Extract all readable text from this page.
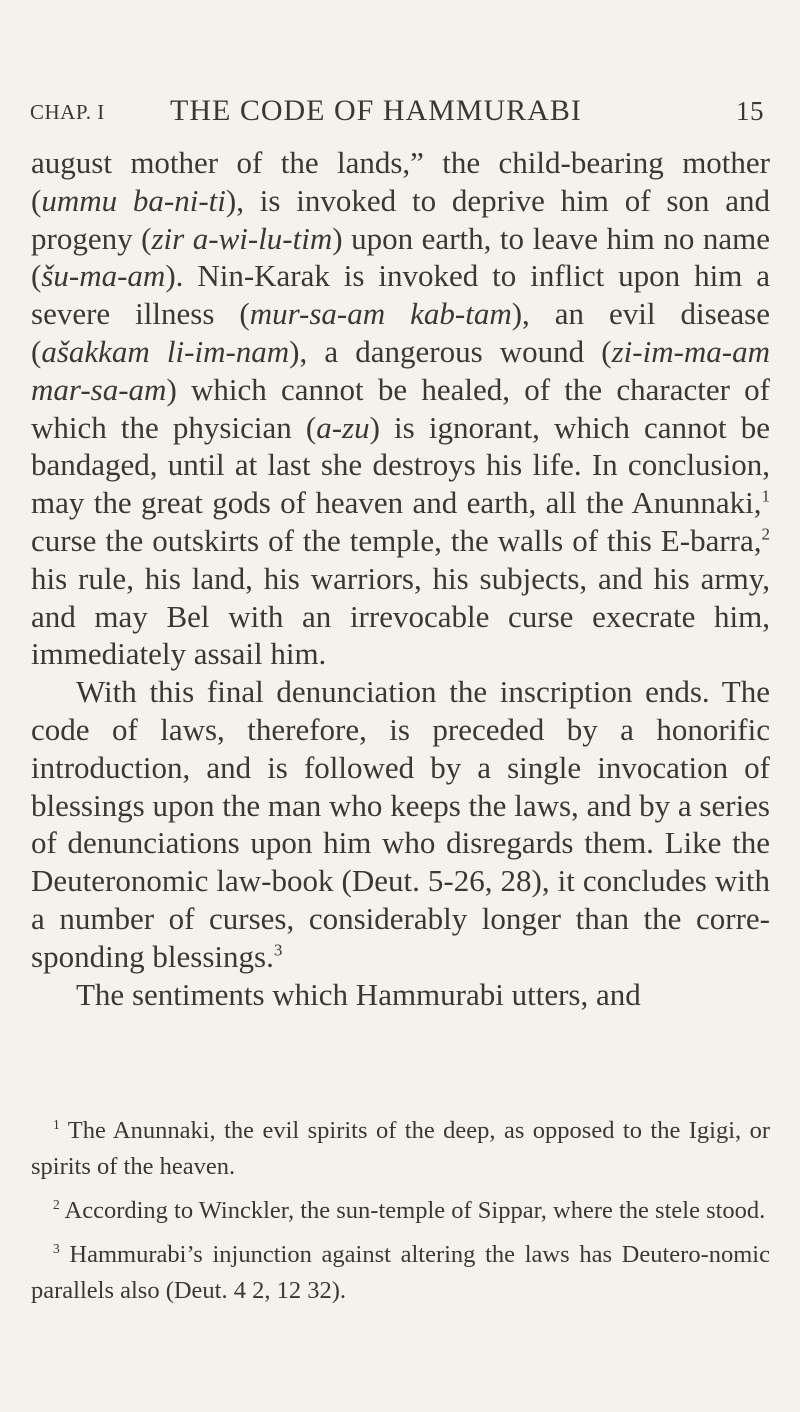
CHAP. I THE CODE OF HAMMURABI	15

august mother of the lands,” the child-bearing mother (ummu ba-ni-ti), is invoked to deprive him of son and progeny (zir a-wi-lu-tim) upon earth, to leave him no name (šu-ma-am). Nin-Karak is invoked to inflict upon him a severe illness (mur-sa-am kab-tam), an evil disease (ašakkam li-im-nam), a dangerous wound (zi-im-ma-am mar-sa-am) which cannot be healed, of the character of which the physician (a-zu) is ignorant, which cannot be bandaged, until at last she destroys his life. In conclusion, may the great gods of heaven and earth, all the Anunnaki,$^1$ curse the outskirts of the temple, the walls of this E-barra,$^2$ his rule, his land, his warriors, his subjects, and his army, and may Bel with an irrevocable curse execrate him, immediately assail him.

With this final denunciation the inscription ends. The code of laws, therefore, is preceded by a honorific introduction, and is followed by a single invocation of blessings upon the man who keeps the laws, and by a series of denunciations upon him who disregards them. Like the Deuteronomic law-book (Deut. 5-26, 28), it concludes with a number of curses, considerably longer than the corre-sponding blessings.$^3$

The sentiments which Hammurabi utters, and

$^1$ The Anunnaki, the evil spirits of the deep, as opposed to the Igigi, or spirits of the heaven.

$^2$ According to Winckler, the sun-temple of Sippar, where the stele stood.

$^3$ Hammurabi’s injunction against altering the laws has Deutero-nomic parallels also (Deut. 4 2, 12 32).
